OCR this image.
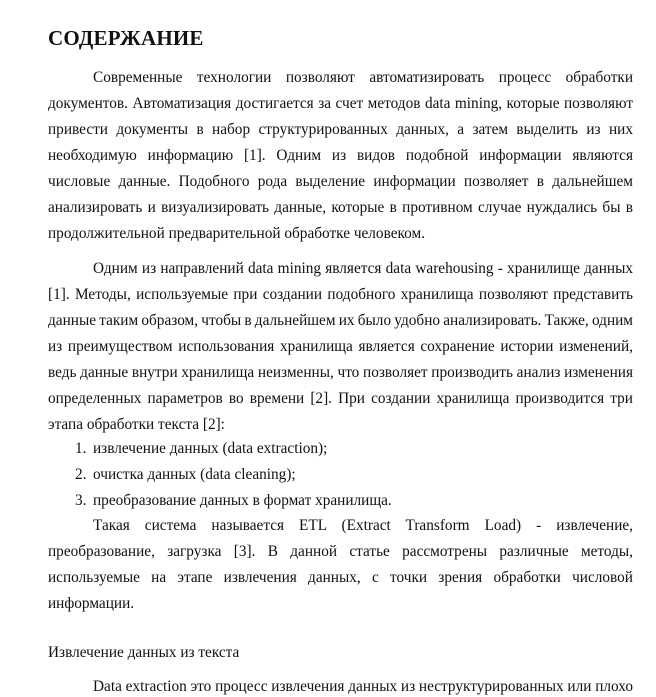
СОДЕРЖАНИЕ
Современные технологии позволяют автоматизировать процесс обработки
документов. Автоматизация достигается за счет методов data mining, которые позволяют
привести документы в набор структурированных данных, а затем выделить из них
необходимую информацию [1]. Одним из видов подобной информации являются
числовые данные. Подобного рода выделение информации позволяет в дальнейшем
анализировать и визуализировать данные, которые в противном случае нуждались бы в
продолжительной предварительной обработке человеком.
Одним из направлений data mining является data warehousing - хранилище данных
[1]. Методы, используемые при создании подобного хранилища позволяют представить
данные таким образом, чтобы в дальнейшем их было удобно анализировать. Также, одним
из преимуществом использования хранилища является сохранение истории изменений,
ведь данные внутри хранилища неизменны, что позволяет производить анализ изменения
определенных параметров во времени [2]. При создании хранилища производится три
этапа обработки текста [2]:
1. извлечение данных (data extraction);
2. очистка данных (data cleaning);
3. преобразование данных в формат хранилища.
Такая система называется ETL (Extract Transform Load) - извлечение,
преобразование, загрузка [3]. В данной статье рассмотрены различные методы,
используемые на этапе извлечения данных, с точки зрения обработки числовой
информации.
Извлечение данных из текста
Data extraction это процесс извлечения данных из неструктурированных или плохо
